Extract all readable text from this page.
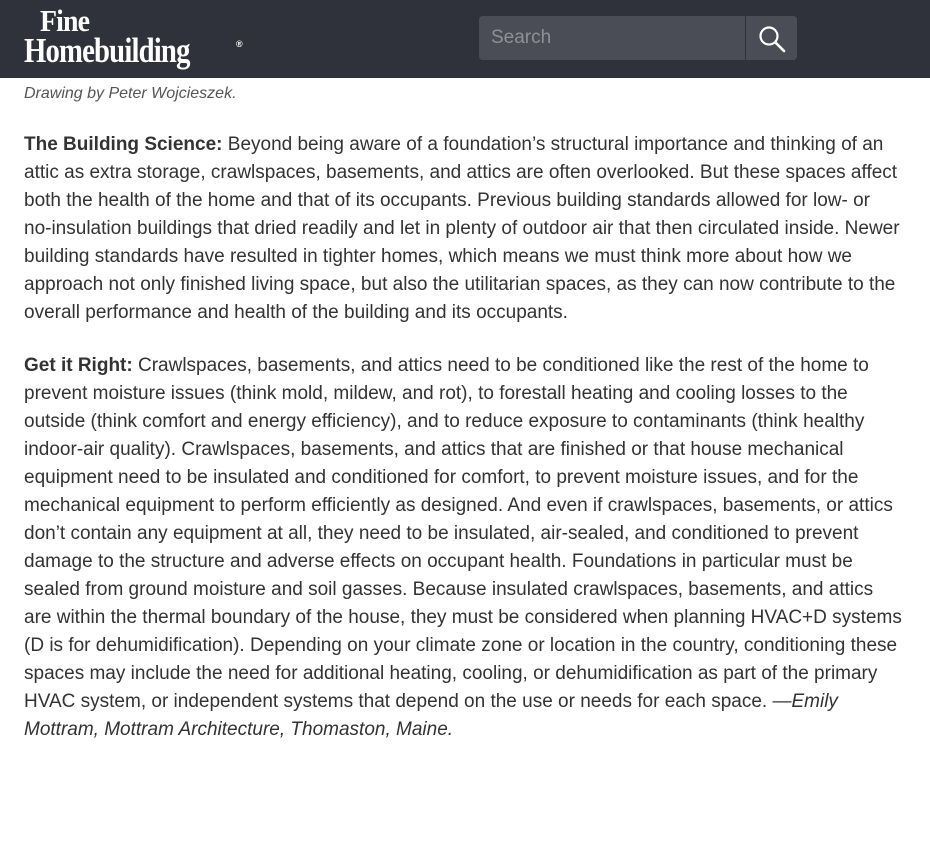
Fine
Homebuilding	®
Search
Drawing by Peter Wojcieszek.

The Building Science: Beyond being aware of a foundation’s structural importance and thinking of an attic as extra storage, crawlspaces, basements, and attics are often overlooked. But these spaces affect both the health of the home and that of its occupants. Previous building standards allowed for low- or no-insulation buildings that dried readily and let in plenty of outdoor air that then circulated inside. Newer building standards have resulted in tighter homes, which means we must think more about how we approach not only finished living space, but also the utilitarian spaces, as they can now contribute to the overall performance and health of the building and its occupants.

Get it Right: Crawlspaces, basements, and attics need to be conditioned like the rest of the home to prevent moisture issues (think mold, mildew, and rot), to forestall heating and cooling losses to the outside (think comfort and energy efficiency), and to reduce exposure to contaminants (think healthy indoor-air quality). Crawlspaces, basements, and attics that are finished or that house mechanical equipment need to be insulated and conditioned for comfort, to prevent moisture issues, and for the mechanical equipment to perform efficiently as designed. And even if crawlspaces, basements, or attics don’t contain any equipment at all, they need to be insulated, air-sealed, and conditioned to prevent damage to the structure and adverse effects on occupant health. Foundations in particular must be sealed from ground moisture and soil gasses. Because insulated crawlspaces, basements, and attics are within the thermal boundary of the house, they must be considered when planning HVAC+D systems (D is for dehumidification). Depending on your climate zone or location in the country, conditioning these spaces may include the need for additional heating, cooling, or dehumidification as part of the primary HVAC system, or independent systems that depend on the use or needs for each space. —Emily Mottram, Mottram Architecture, Thomaston, Maine.
